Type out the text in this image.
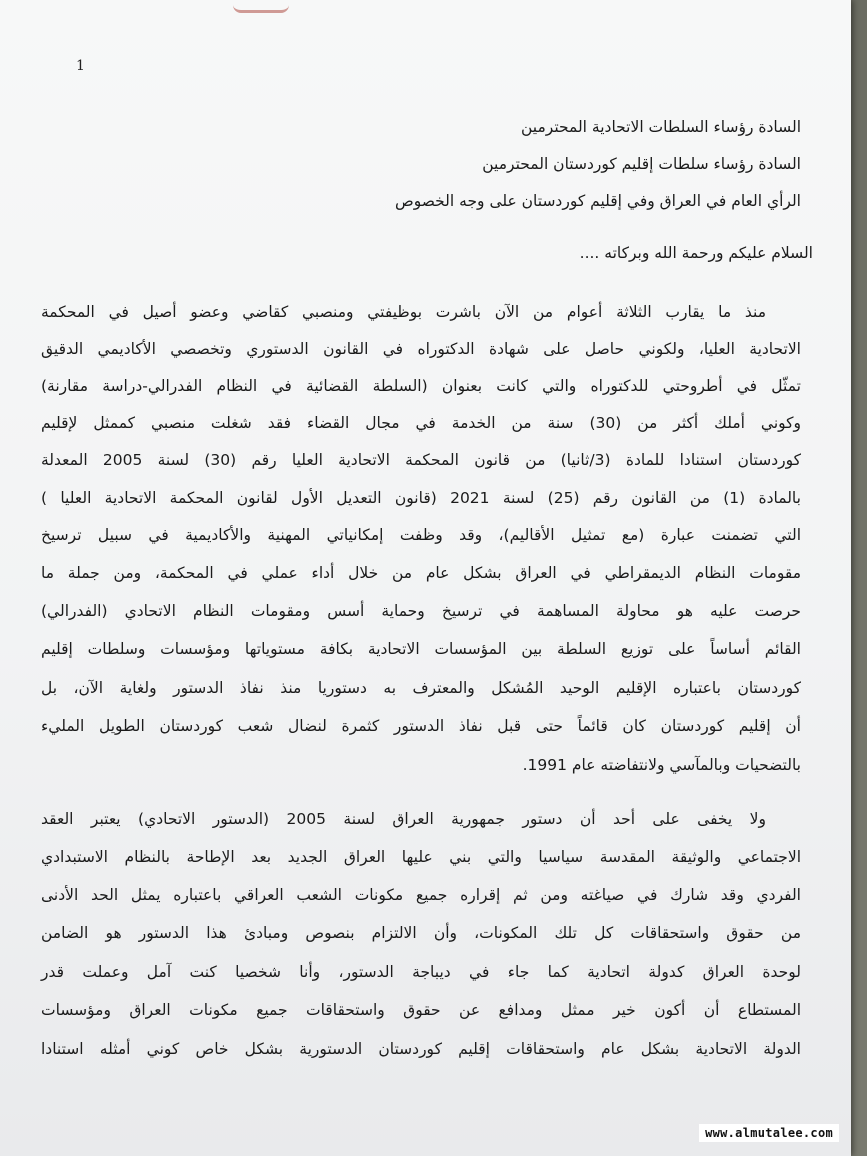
1
السادة رؤساء السلطات الاتحادية المحترمين
السادة رؤساء سلطات إقليم كوردستان المحترمين
الرأي العام في العراق وفي إقليم كوردستان على وجه الخصوص
السلام عليكم ورحمة الله وبركاته ....
منذ ما يقارب الثلاثة أعوام من الآن باشرت بوظيفتي ومنصبي كقاضي وعضو أصيل في المحكمة
الاتحادية العليا، ولكوني حاصل على شهادة الدكتوراه في القانون الدستوري وتخصصي الأكاديمي الدقيق
تمثّل في أطروحتي للدكتوراه والتي كانت بعنوان (السلطة القضائية في النظام الفدرالي-دراسة مقارنة)
وكوني أملك أكثر من (30) سنة من الخدمة في مجال القضاء فقد شغلت منصبي كممثل لإقليم
كوردستان استنادا للمادة (3/ثانيا) من قانون المحكمة الاتحادية العليا رقم (30) لسنة 2005 المعدلة
بالمادة (1) من القانون رقم (25) لسنة 2021 (قانون التعديل الأول لقانون المحكمة الاتحادية العليا )
التي تضمنت عبارة (مع تمثيل الأقاليم)، وقد وظفت إمكانياتي المهنية والأكاديمية في سبيل ترسيخ
مقومات النظام الديمقراطي في العراق بشكل عام من خلال أداء عملي في المحكمة، ومن جملة ما
حرصت عليه هو محاولة المساهمة في ترسيخ وحماية أسس ومقومات النظام الاتحادي (الفدرالي)
القائم أساساً على توزيع السلطة بين المؤسسات الاتحادية بكافة مستوياتها ومؤسسات وسلطات إقليم
كوردستان باعتباره الإقليم الوحيد المُشكل والمعترف به دستوريا منذ نفاذ الدستور ولغاية الآن، بل
أن إقليم كوردستان كان قائماً حتى قبل نفاذ الدستور كثمرة لنضال شعب كوردستان الطويل المليء
بالتضحيات وبالمآسي ولانتفاضته عام 1991.
ولا يخفى على أحد أن دستور جمهورية العراق لسنة 2005 (الدستور الاتحادي) يعتبر العقد
الاجتماعي والوثيقة المقدسة سياسيا والتي بني عليها العراق الجديد بعد الإطاحة بالنظام الاستبدادي
الفردي وقد شارك في صياغته ومن ثم إقراره جميع مكونات الشعب العراقي باعتباره يمثل الحد الأدنى
من حقوق واستحقاقات كل تلك المكونات، وأن الالتزام بنصوص ومبادئ هذا الدستور هو الضامن
لوحدة العراق كدولة اتحادية كما جاء في ديباجة الدستور، وأنا شخصيا كنت آمل وعملت قدر
المستطاع أن أكون خير ممثل ومدافع عن حقوق واستحقاقات جميع مكونات العراق ومؤسسات
الدولة الاتحادية بشكل عام واستحقاقات إقليم كوردستان الدستورية بشكل خاص كوني أمثله استنادا
www.almutalee.com
